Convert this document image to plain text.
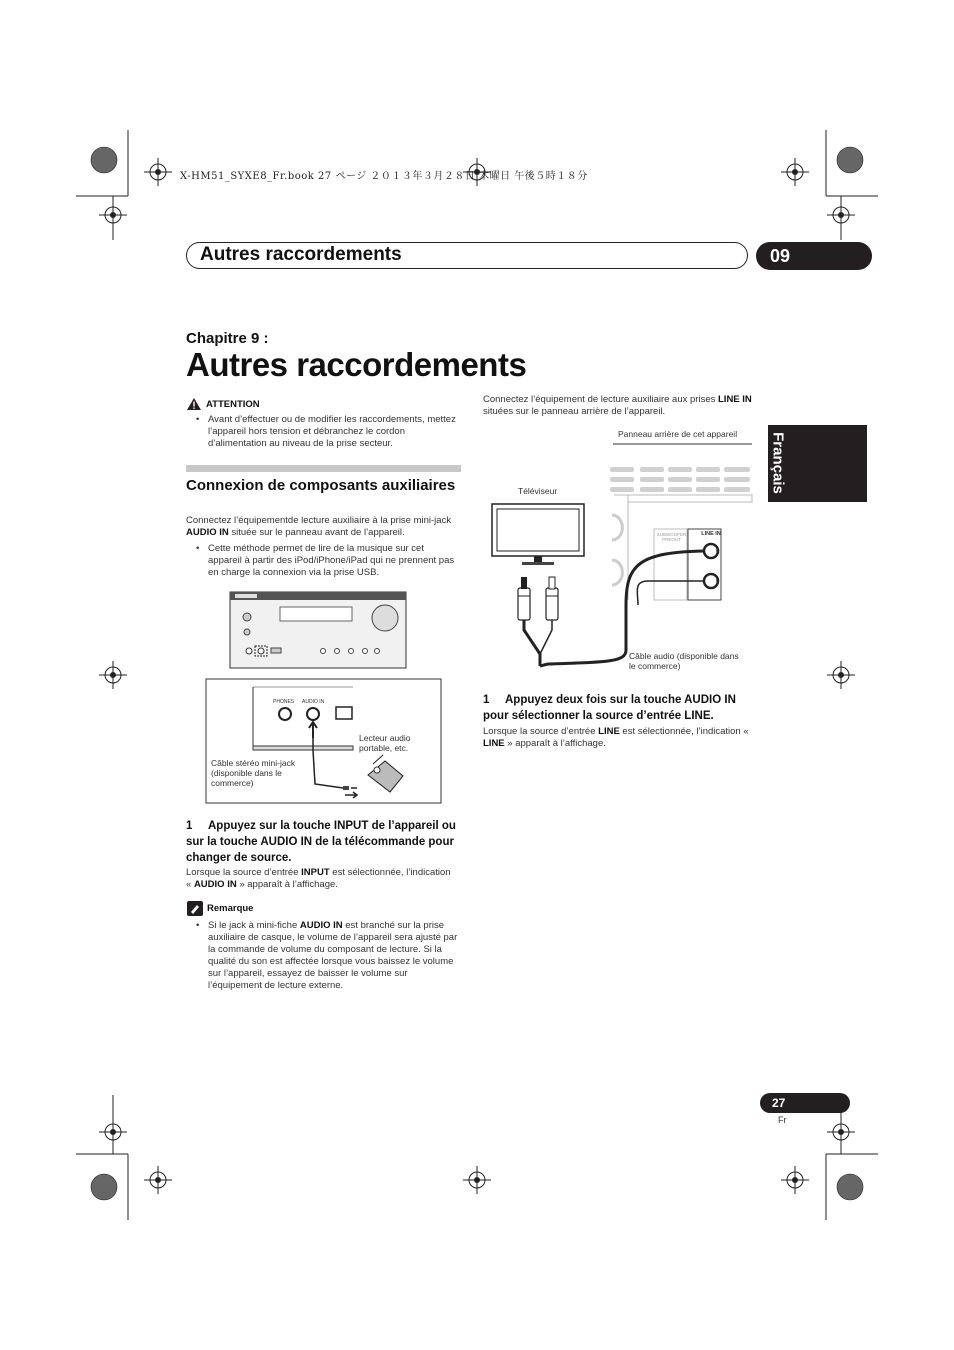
X-HM51_SYXE8_Fr.book 27 ページ ２０１３年３月２８日 木曜日 午後５時１８分
Autres raccordements	09
Français
Chapitre 9 :
Autres raccordements
ATTENTION
• Avant d’effectuer ou de modifier les raccordements, mettez l’appareil hors tension et débranchez le cordon d’alimentation au niveau de la prise secteur.
Connexion de composants auxiliaires
Connectez l’équipementde lecture auxiliaire à la prise mini-jack AUDIO IN située sur le panneau avant de l’appareil.
• Cette méthode permet de lire de la musique sur cet appareil à partir des iPod/iPhone/iPad qui ne prennent pas en charge la connexion via la prise USB.
PHONES AUDIO IN
Lecteur audio portable, etc.
Câble stéréo mini-jack (disponible dans le commerce)
1	Appuyez sur la touche INPUT de l’appareil ou sur la touche AUDIO IN de la télécommande pour changer de source.
Lorsque la source d’entrée INPUT est sélectionnée, l’indication « AUDIO IN » apparaît à l’affichage.
Remarque
• Si le jack à mini-fiche AUDIO IN est branché sur la prise auxiliaire de casque, le volume de l’appareil sera ajusté par la commande de volume du composant de lecture. Si la qualité du son est affectée lorsque vous baissez le volume sur l’appareil, essayez de baisser le volume sur l’équipement de lecture externe.
Connectez l’équipement de lecture auxiliaire aux prises LINE IN situées sur le panneau arrière de l’appareil.
Panneau arrière de cet appareil
Téléviseur
SUBWOOFER PREOUT
LINE IN
R
L
Câble audio (disponible dans le commerce)
1	Appuyez deux fois sur la touche AUDIO IN pour sélectionner la source d’entrée LINE.
Lorsque la source d’entrée LINE est sélectionnée, l’indication « LINE » apparaît à l’affichage.
27
Fr
